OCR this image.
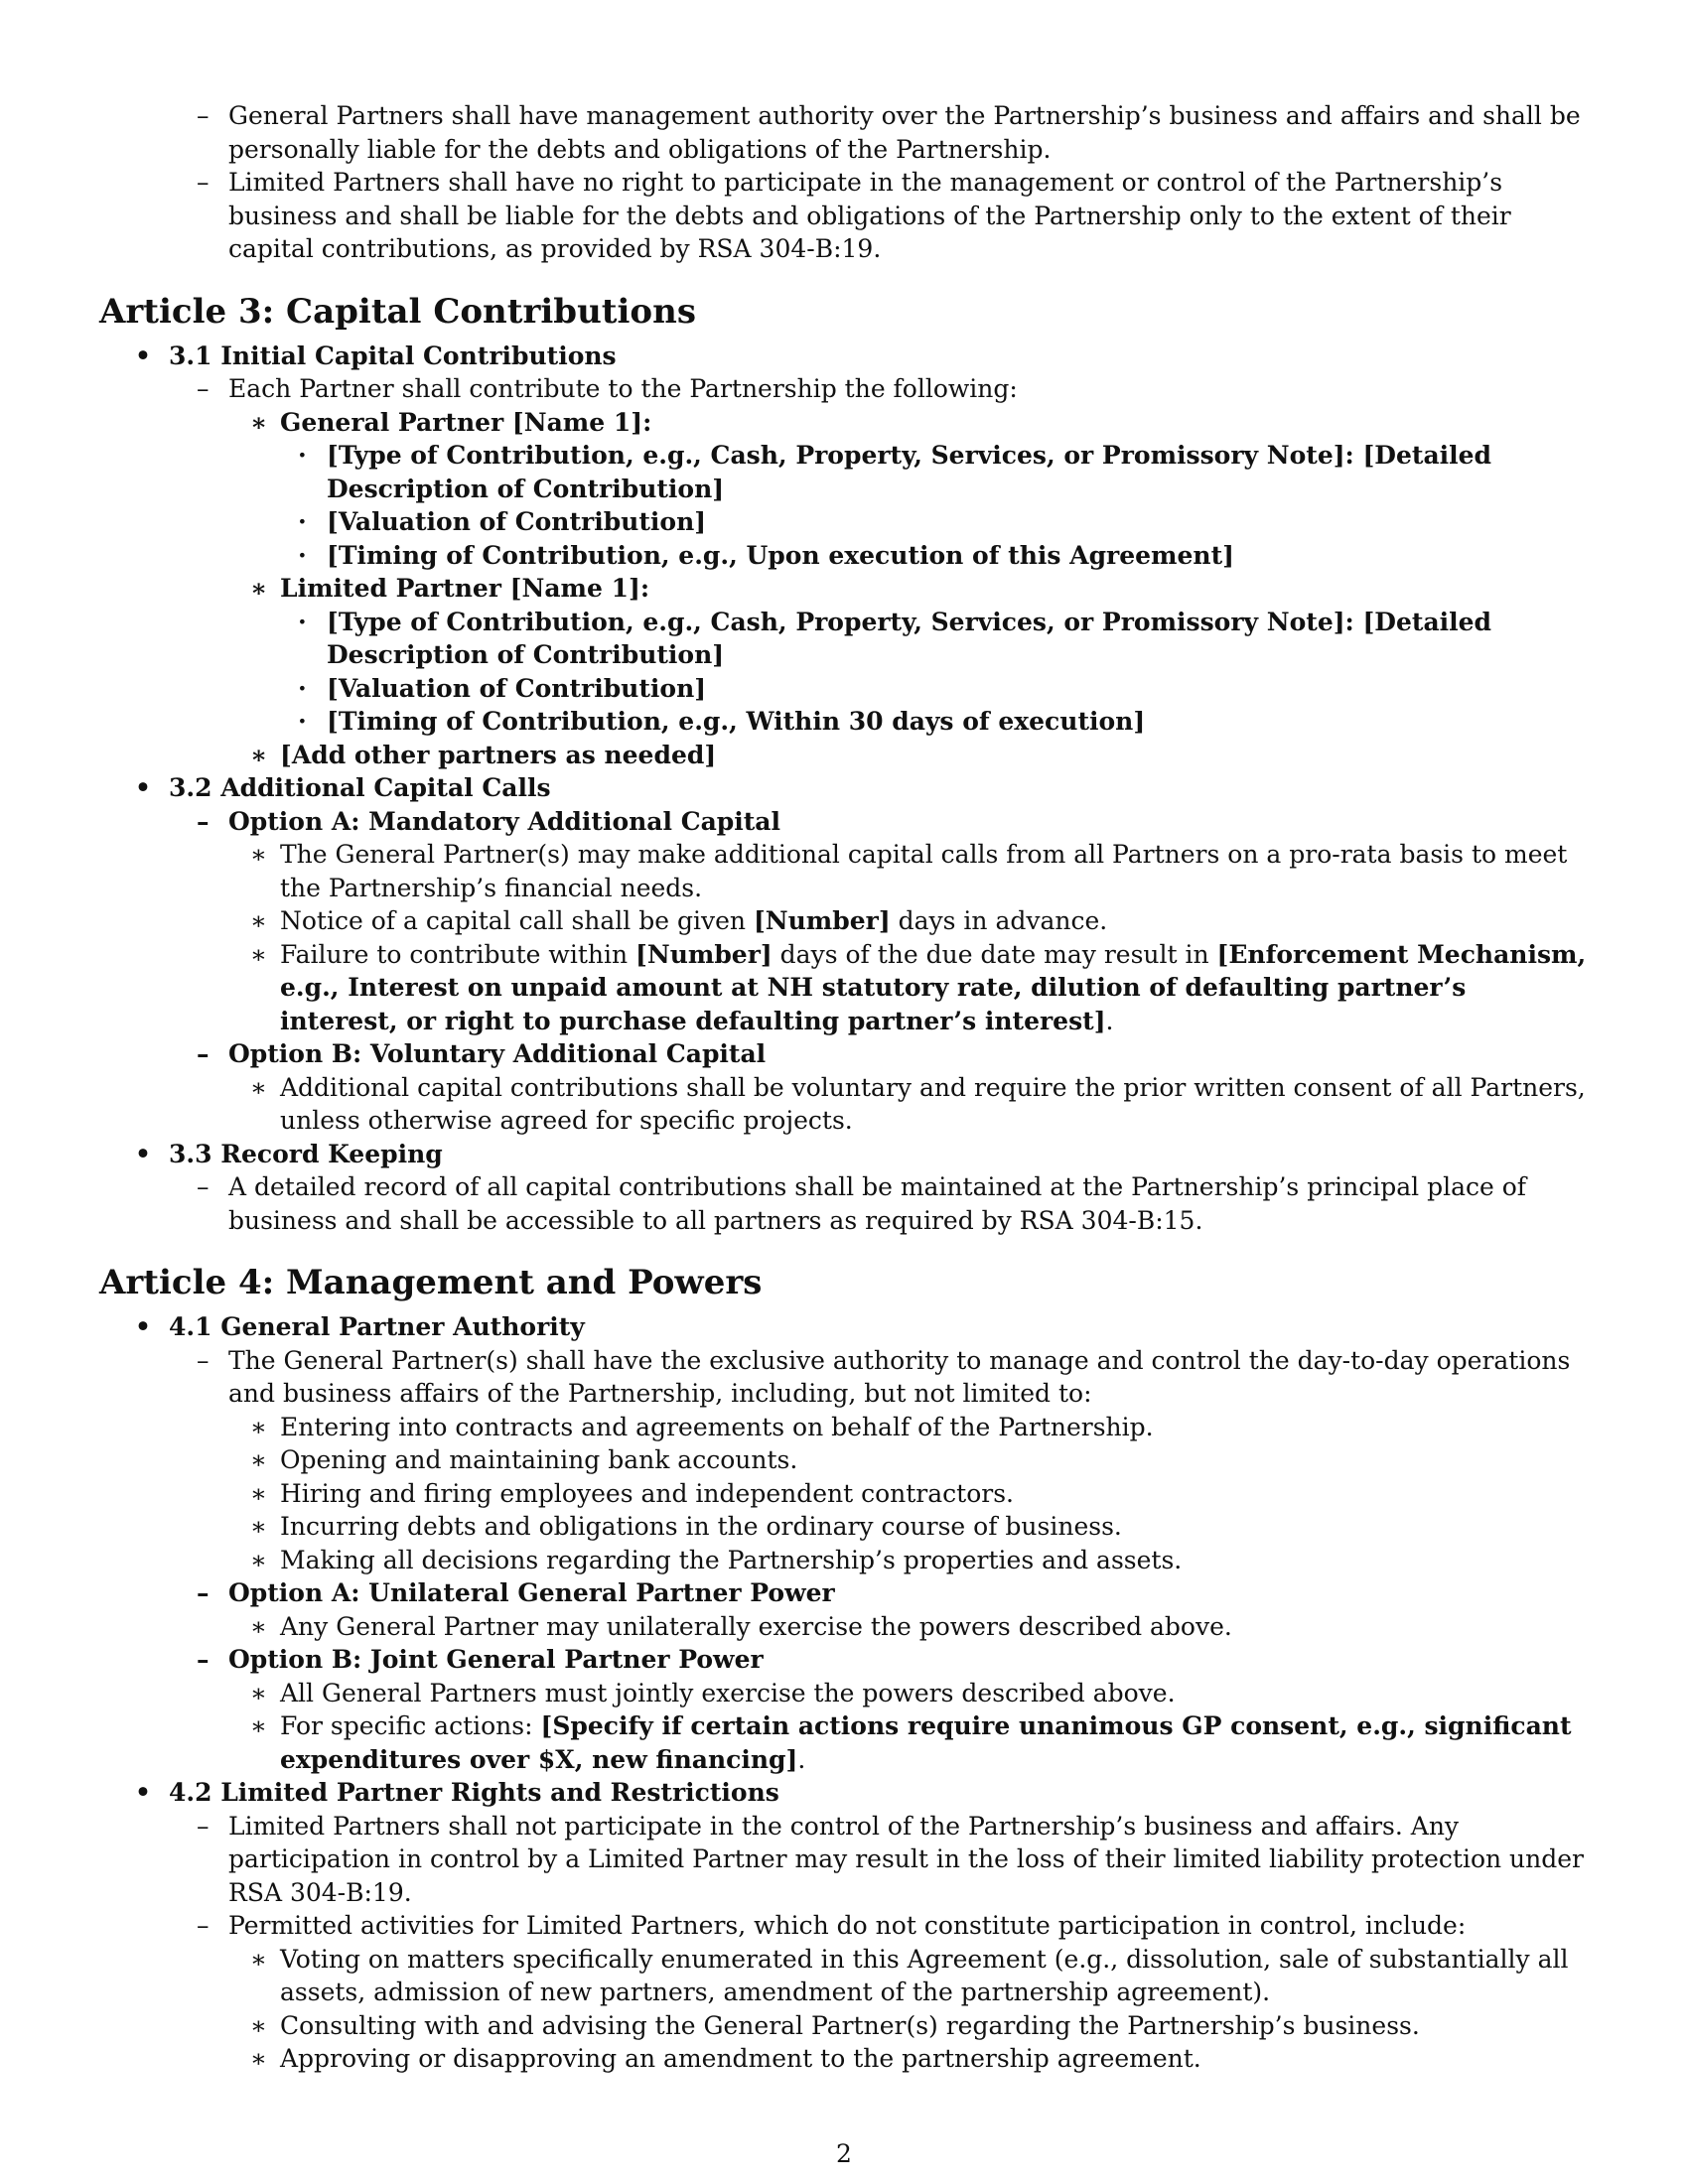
– General Partners shall have management authority over the Partnership’s business and affairs and shall be personally liable for the debts and obligations of the Partnership.
– Limited Partners shall have no right to participate in the management or control of the Partnership’s business and shall be liable for the debts and obligations of the Partnership only to the extent of their capital contributions, as provided by RSA 304-B:19.
Article 3: Capital Contributions
• 3.1 Initial Capital Contributions
– Each Partner shall contribute to the Partnership the following:
∗ General Partner [Name 1]:
· [Type of Contribution, e.g., Cash, Property, Services, or Promissory Note]: [Detailed Description of Contribution]
· [Valuation of Contribution]
· [Timing of Contribution, e.g., Upon execution of this Agreement]
∗ Limited Partner [Name 1]:
· [Type of Contribution, e.g., Cash, Property, Services, or Promissory Note]: [Detailed Description of Contribution]
· [Valuation of Contribution]
· [Timing of Contribution, e.g., Within 30 days of execution]
∗ [Add other partners as needed]
• 3.2 Additional Capital Calls
– Option A: Mandatory Additional Capital
∗ The General Partner(s) may make additional capital calls from all Partners on a pro-rata basis to meet the Partnership’s financial needs.
∗ Notice of a capital call shall be given [Number] days in advance.
∗ Failure to contribute within [Number] days of the due date may result in [Enforcement Mechanism, e.g., Interest on unpaid amount at NH statutory rate, dilution of defaulting partner’s interest, or right to purchase defaulting partner’s interest].
– Option B: Voluntary Additional Capital
∗ Additional capital contributions shall be voluntary and require the prior written consent of all Partners, unless otherwise agreed for specific projects.
• 3.3 Record Keeping
– A detailed record of all capital contributions shall be maintained at the Partnership’s principal place of business and shall be accessible to all partners as required by RSA 304-B:15.
Article 4: Management and Powers
• 4.1 General Partner Authority
– The General Partner(s) shall have the exclusive authority to manage and control the day-to-day operations and business affairs of the Partnership, including, but not limited to:
∗ Entering into contracts and agreements on behalf of the Partnership.
∗ Opening and maintaining bank accounts.
∗ Hiring and firing employees and independent contractors.
∗ Incurring debts and obligations in the ordinary course of business.
∗ Making all decisions regarding the Partnership’s properties and assets.
– Option A: Unilateral General Partner Power
∗ Any General Partner may unilaterally exercise the powers described above.
– Option B: Joint General Partner Power
∗ All General Partners must jointly exercise the powers described above.
∗ For specific actions: [Specify if certain actions require unanimous GP consent, e.g., significant expenditures over $X, new financing].
• 4.2 Limited Partner Rights and Restrictions
– Limited Partners shall not participate in the control of the Partnership’s business and affairs. Any participation in control by a Limited Partner may result in the loss of their limited liability protection under RSA 304-B:19.
– Permitted activities for Limited Partners, which do not constitute participation in control, include:
∗ Voting on matters specifically enumerated in this Agreement (e.g., dissolution, sale of substantially all assets, admission of new partners, amendment of the partnership agreement).
∗ Consulting with and advising the General Partner(s) regarding the Partnership’s business.
∗ Approving or disapproving an amendment to the partnership agreement.
2
